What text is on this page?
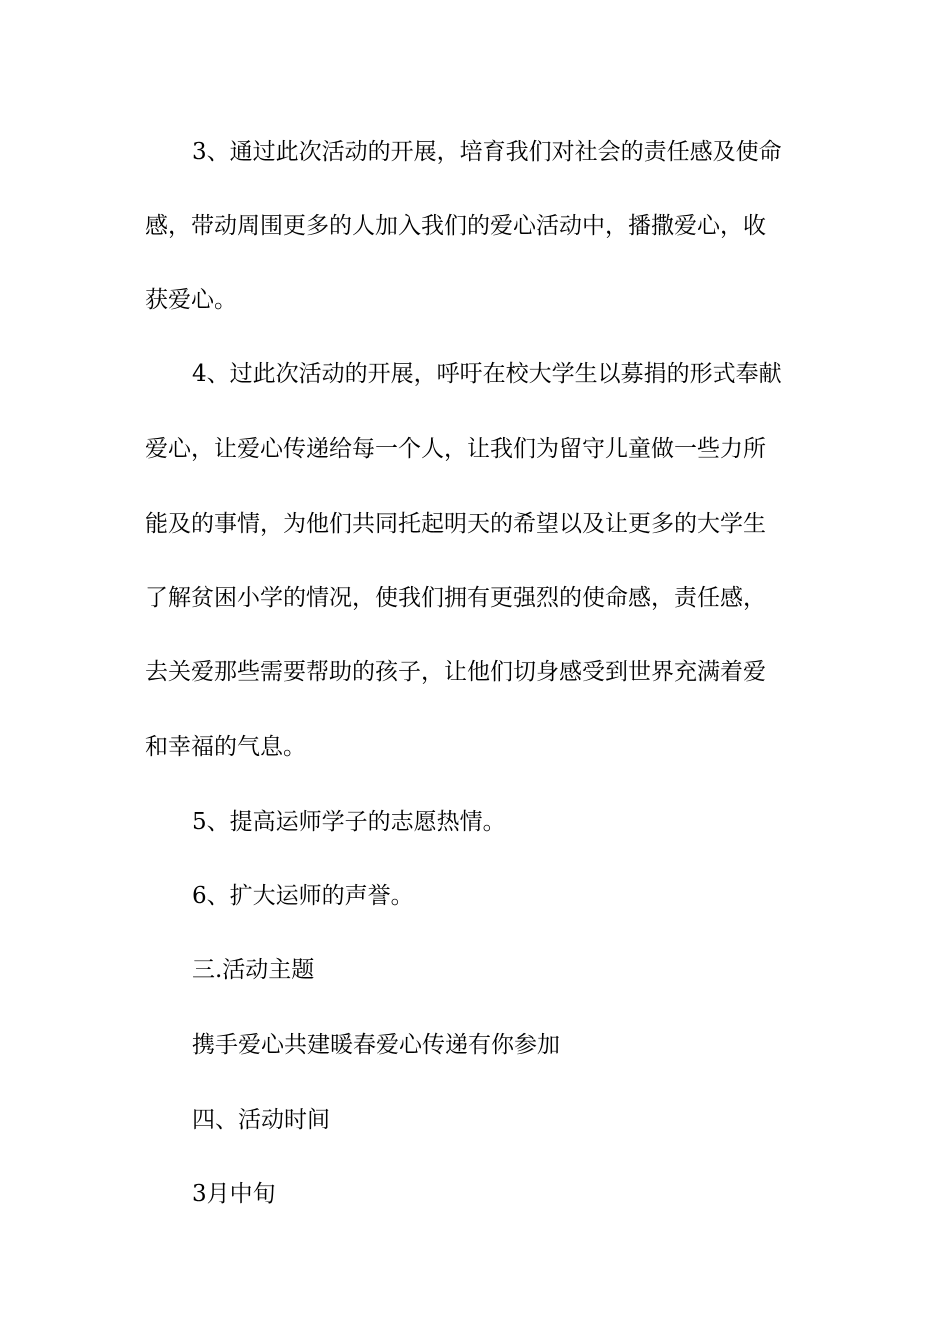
3、通过此次活动的开展，培育我们对社会的责任感及使命
感，带动周围更多的人加入我们的爱心活动中，播撒爱心，收
获爱心。
4、过此次活动的开展，呼吁在校大学生以募捐的形式奉献
爱心，让爱心传递给每一个人，让我们为留守儿童做一些力所
能及的事情，为他们共同托起明天的希望以及让更多的大学生
了解贫困小学的情况，使我们拥有更强烈的使命感，责任感，
去关爱那些需要帮助的孩子，让他们切身感受到世界充满着爱
和幸福的气息。
5、提高运师学子的志愿热情。
6、扩大运师的声誉。
三.活动主题
携手爱心共建暖春爱心传递有你参加
四、活动时间
3月中旬
